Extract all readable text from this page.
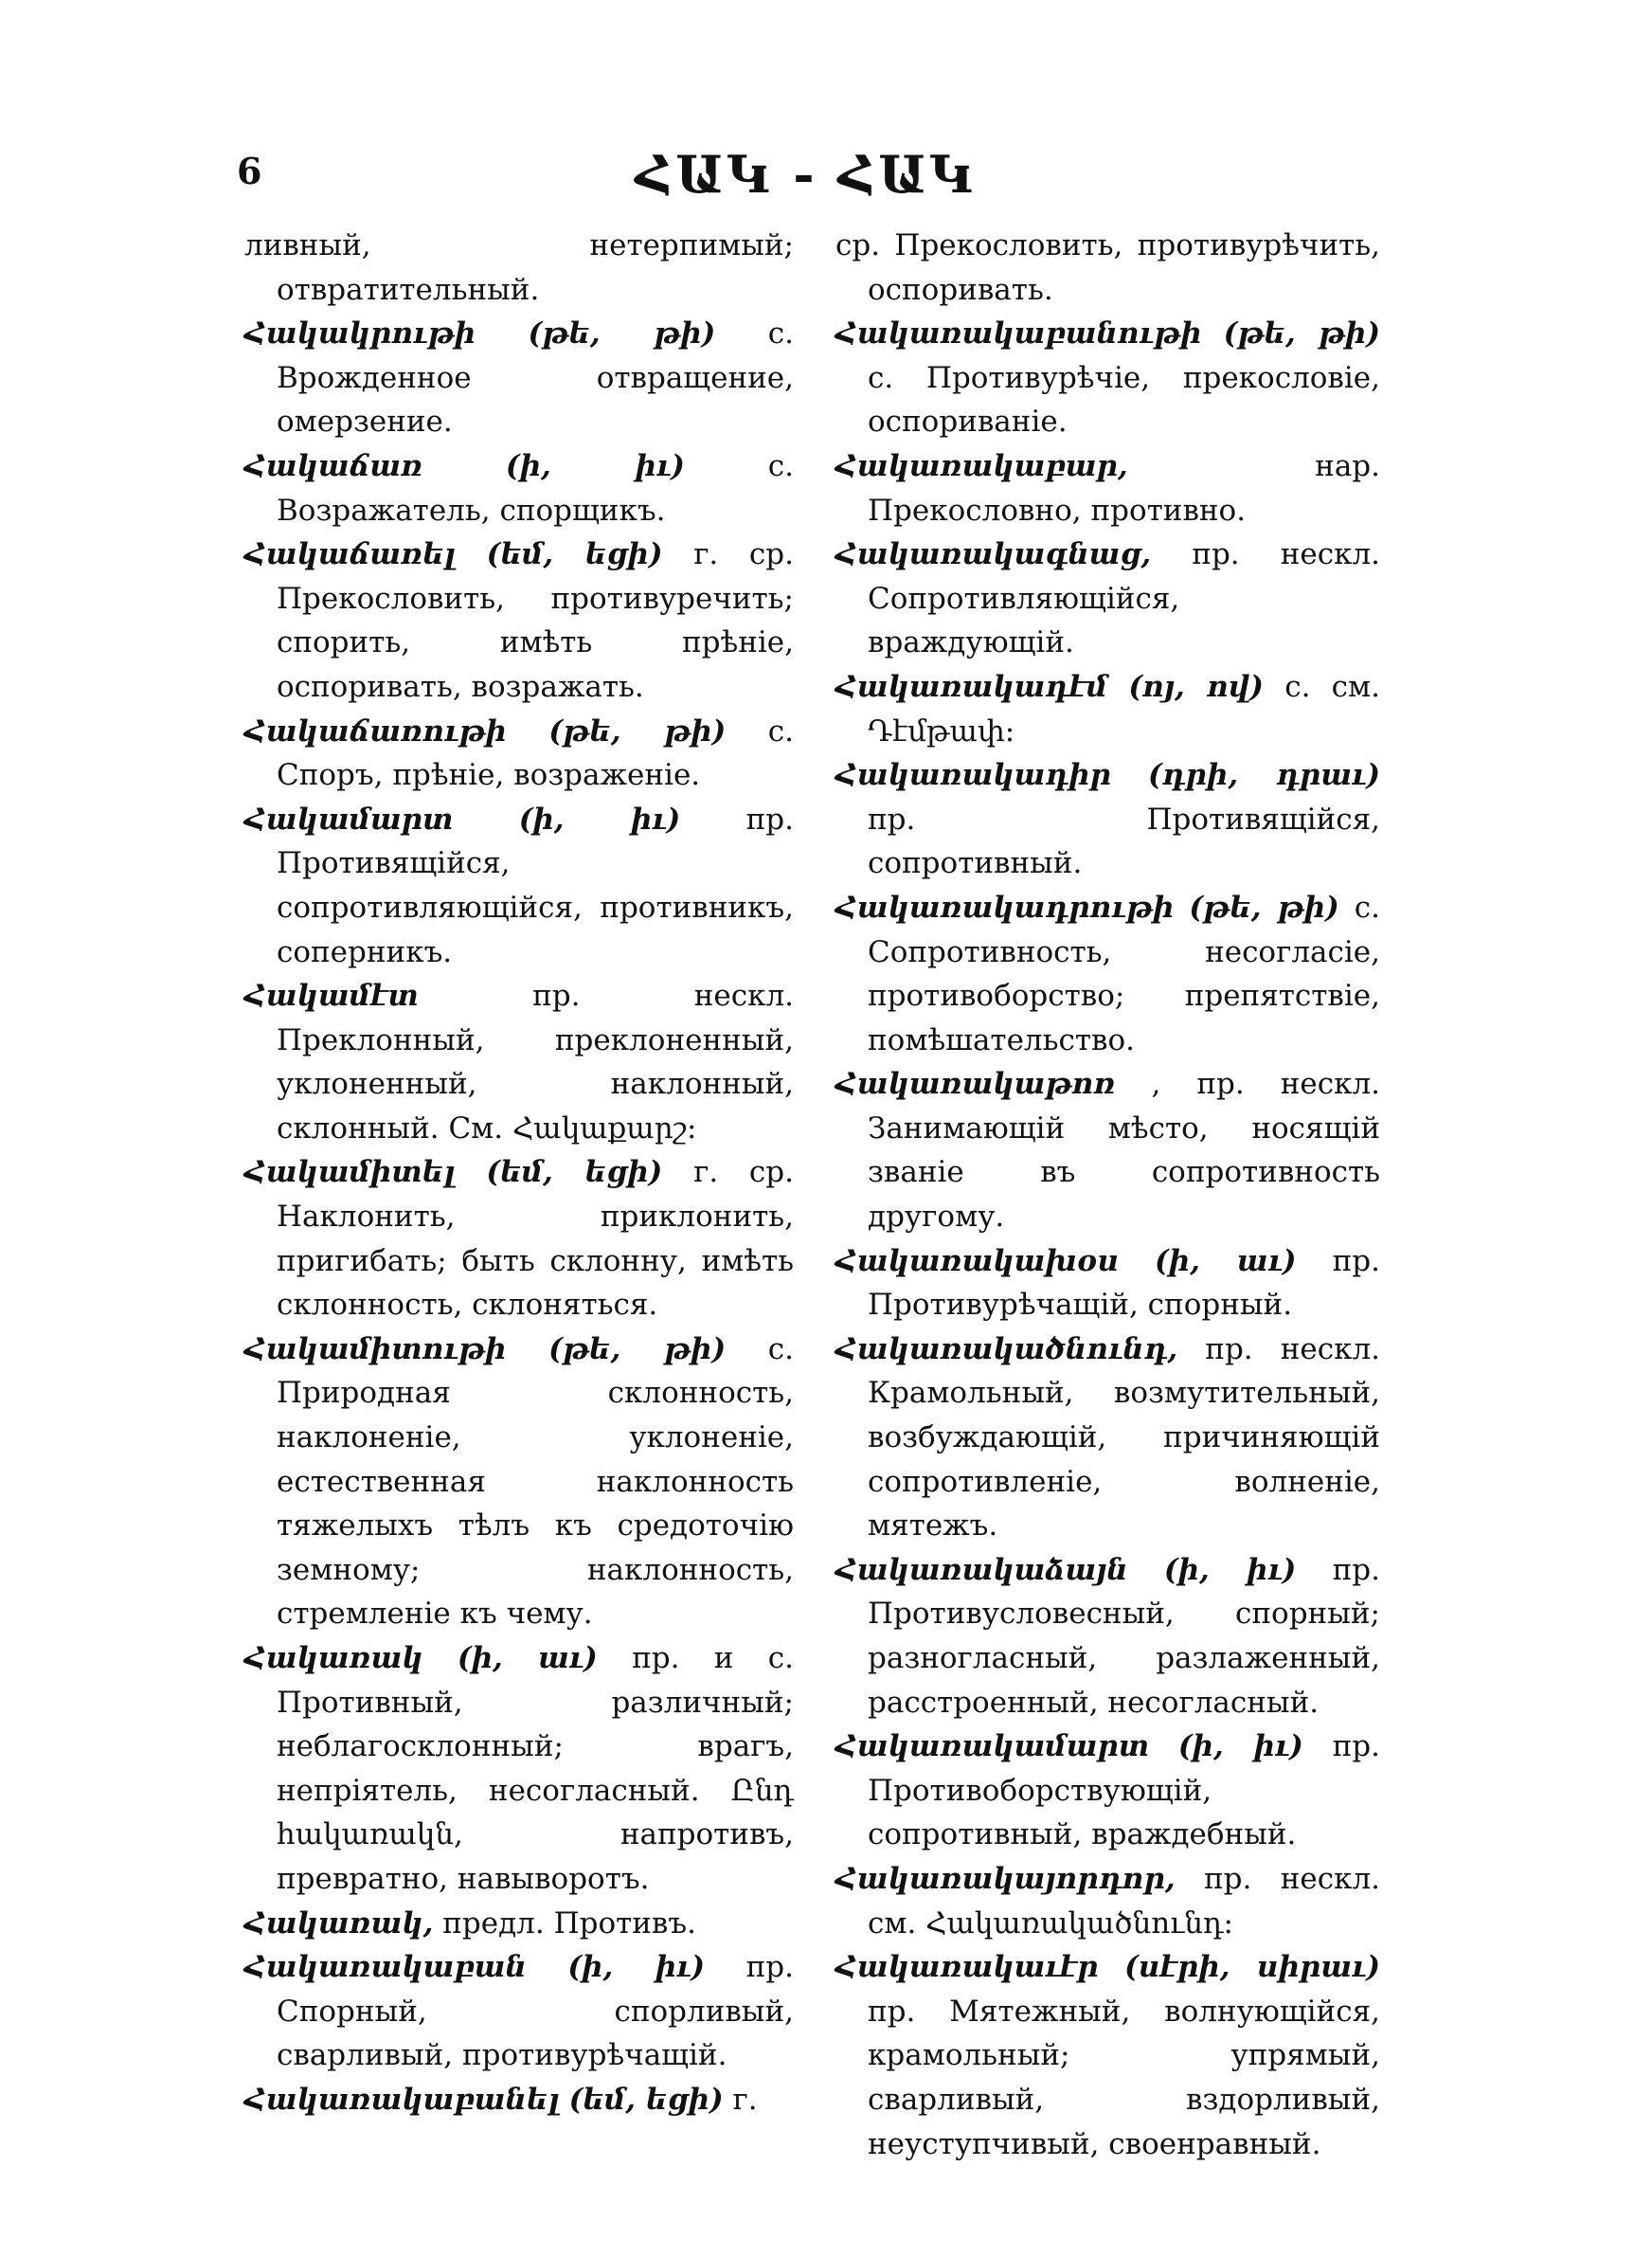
6	ՀԱԿ - ՀԱԿ

ливный, нетерпимый; отвратительный.

Հակակրութի (թե, թի) с. Врожденное отвращение, омерзение.

Հակաճառ	(ի, իւ)	с. Возражатель, спорщикъ.

Հակաճառել (եմ, եցի) г. ср. Прекословить, противуречить; спорить, имѣть прѣнiе, оспоривать, возражать.

Հակաճառութի (թե, թի) с. Споръ, прѣнiе, возраженiе.

Հակամարտ (ի, իւ) пр. Противящiйся, сопротивляющiйся, противникъ, соперникъ.

Հակամէտ	пр. нескл. Преклонный, преклоненный, уклоненный, наклонный, склонный. См. Հակաքարշ։

Հակամիտել (եմ, եցի) г. ср. Наклонить, приклонить, пригибать; быть склонну, имѣть склонность, склоняться.

Հակամիտութի (թե, թի) с. Природная склонность, наклоненiе, уклоненiе, естественная наклонность тяжелыхъ тѣлъ къ средоточiю земному; наклонность, стремленiе къ чему.

Հակառակ (ի, աւ) пр. и с. Противный, различный; неблагосклонный; врагъ, непрiятель, несогласный. Ընդ հակառակն, напротивъ, превратно, навыворотъ.

Հակառակ, предл. Противъ.

Հակառակաբան (ի, իւ) пр. Спорный, спорливый, сварливый, противурѣчащiй.

Հակառակաբանել (եմ, եցի) г.

ср. Прекословить, противурѣчить, оспоривать.

Հակառակաբանութի (թե, թի) с. Противурѣчiе, прекословiе, оспориванiе.

Հակառակաբար,	нар. Прекословно, противно.

Հակառակագնաց, пр. нескл. Сопротивляющiйся, враждующiй.

Հակառակադէմ (ոյ, ով) с. см. Դէմթափ։

Հակառակադիր (դրի, դրաւ) пр. Противящiйся, сопротивный.

Հակառակադրութի (թե, թի) с. Сопротивность, несогласiе, противоборство; препятствiе, помѣшательство.

Հակառակաթոռ , пр. нескл. Занимающiй мѣсто, носящiй званiе въ сопротивность другому.

Հակառակախօս (ի, աւ) пр. Противурѣчащiй, спорный.

Հակառակածնունդ, пр. нескл. Крамольный, возмутительный, возбуждающiй, причиняющiй сопротивленiе, волненiе, мятежъ.

Հակառակաձայն (ի, իւ) пр. Противусловесный, спорный; разногласный, разлаженный, расстроенный, несогласный.

Հակառակամարտ (ի, իւ) пр. Противоборствующiй, сопротивный, враждебный.

Հակառակայորդոր, пр. нескл. см. Հակառակածնունդ։

Հակառակաւէր (սէրի, սիրաւ) пр. Мятежный, волнующiйся, крамольный; упрямый, сварливый, вздорливый, неуступчивый, своенравный.
